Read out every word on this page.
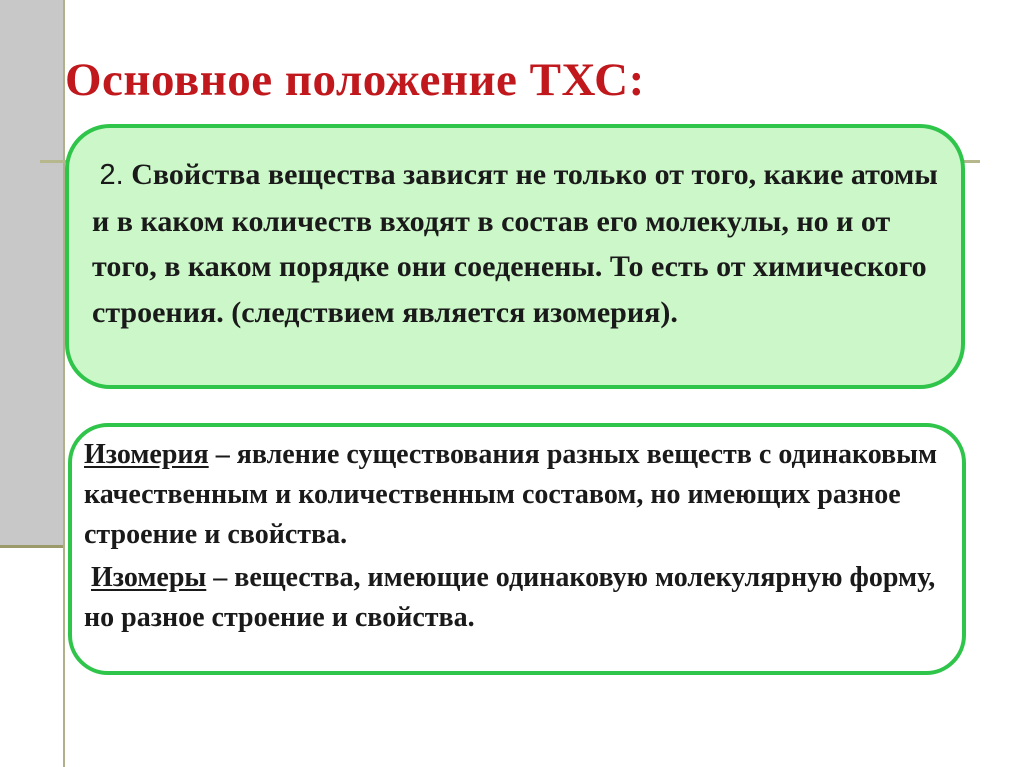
Основное положение ТХС:

2. Свойства вещества зависят не только от того, какие атомы и в каком количеств входят в состав его молекулы, но и от того, в каком порядке они соеденены. То есть от химического строения. (следствием является изомерия).

Изомерия – явление существования разных веществ с одинаковым качественным и количественным составом, но имеющих разное строение и свойства.

Изомеры – вещества, имеющие одинаковую молекулярную форму, но разное строение и свойства.
